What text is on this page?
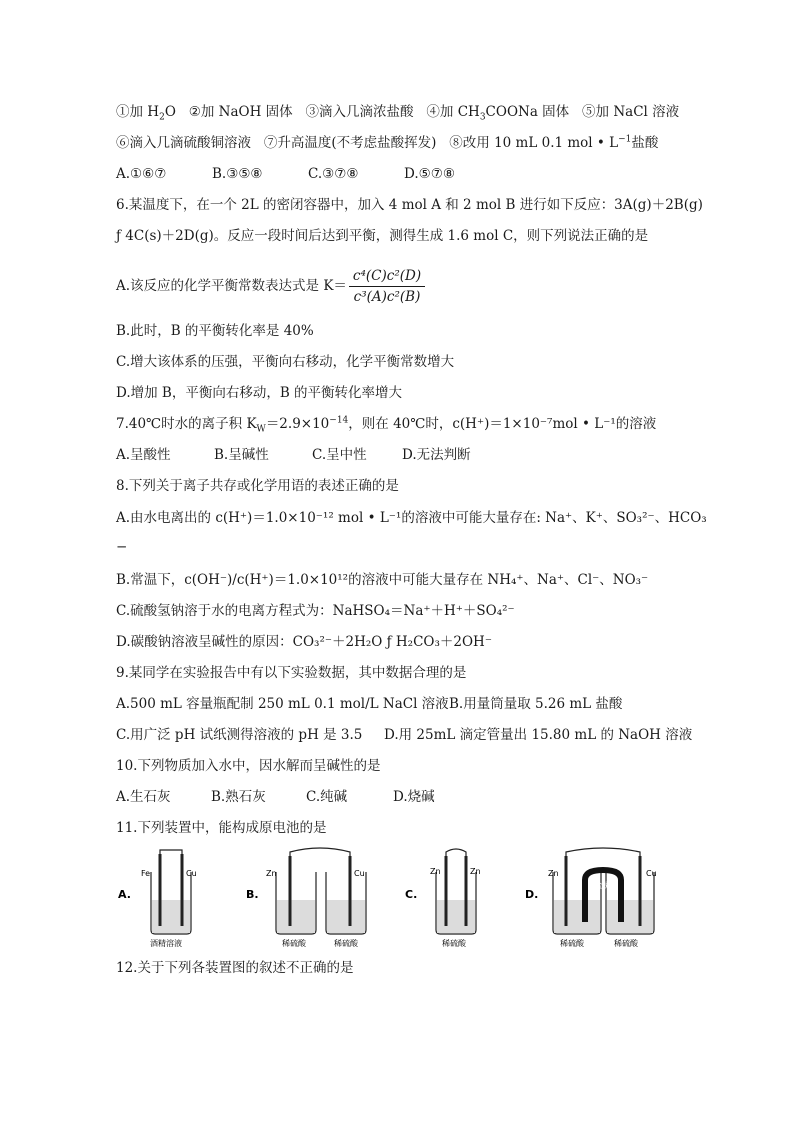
①加 $H_2O$ ②加 NaOH 固体 ③滴入几滴浓盐酸 ④加 $CH_3COONa$ 固体 ⑤加 NaCl 溶液
⑥滴入几滴硫酸铜溶液 ⑦升高温度(不考虑盐酸挥发) ⑧改用 10 mL 0.1 mol • $L^{-1}$盐酸
A.①⑥⑦	B.③⑤⑧	C.③⑦⑧	D.⑤⑦⑧
6.某温度下，在一个 2L 的密闭容器中，加入 4 mol A 和 2 mol B 进行如下反应：3A(g)＋2B(g)
ƒ 4C(s)＋2D(g)。反应一段时间后达到平衡，测得生成 1.6 mol C，则下列说法正确的是
A.该反应的化学平衡常数表达式是 $K= \frac{\text{c⁴(C)c²(D)}}{\text{c³(A)c²(B)}}$
B.此时，B 的平衡转化率是 40%
C.增大该体系的压强，平衡向右移动，化学平衡常数增大
D.增加 B，平衡向右移动，B 的平衡转化率增大
7.40℃时水的离子积 $K_W=2.9\times 10^{-14}$，则在 40℃时，c(H⁺)＝1×10⁻⁷mol • L⁻¹的溶液
A.呈酸性	B.呈碱性	C.呈中性	D.无法判断
8.下列关于离子共存或化学用语的表述正确的是
A.由水电离出的 c(H⁺)＝1.0×10⁻¹² mol • L⁻¹的溶液中可能大量存在: Na⁺、K⁺、SO₃²⁻、HCO₃
−
B.常温下，c(OH⁻)/c(H⁺)＝1.0×10¹²的溶液中可能大量存在 NH₄⁺、Na⁺、Cl⁻、NO₃⁻
C.硫酸氢钠溶于水的电离方程式为：NaHSO₄＝Na⁺＋H⁺＋SO₄²⁻
D.碳酸钠溶液呈碱性的原因：CO₃²⁻＋2H₂O ƒ H₂CO₃＋2OH⁻
9.某同学在实验报告中有以下实验数据，其中数据合理的是
A.500 mL 容量瓶配制 250 mL 0.1 mol/L NaCl 溶液 B.用量筒量取 5.26 mL 盐酸
C.用广泛 pH 试纸测得溶液的 pH 是 3.5	D.用 25mL 滴定管量出 15.80 mL 的 NaOH 溶液
10.下列物质加入水中，因水解而呈碱性的是
A.生石灰	B.熟石灰	C.纯碱	D.烧碱
11.下列装置中，能构成原电池的是
A.
Fe	Cu
酒精溶液
B.
Zn	Cu
稀硫酸	稀硫酸
C.
Zn	Zn
稀硫酸
D.
Zn	Cu
盐桥
稀硫酸	稀硫酸
12.关于下列各装置图的叙述不正确的是
